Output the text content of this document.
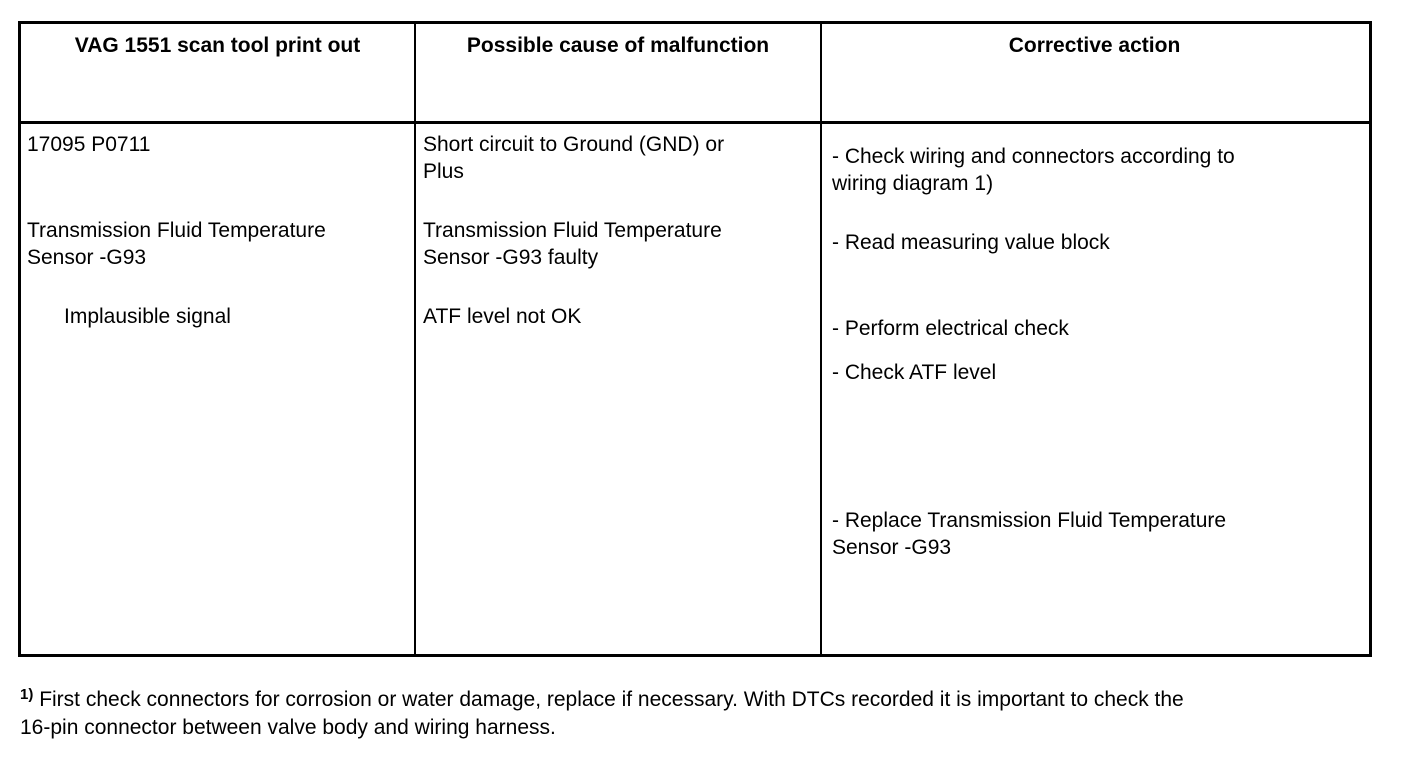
VAG 1551 scan tool print out	Possible cause of malfunction	Corrective action
17095 P0711
Transmission Fluid Temperature
Sensor -G93
Implausible signal
Short circuit to Ground (GND) or
Plus
Transmission Fluid Temperature
Sensor -G93 faulty
ATF level not OK
- Check wiring and connectors according to
wiring diagram 1)
- Read measuring value block
- Perform electrical check
- Check ATF level
- Replace Transmission Fluid Temperature
Sensor -G93
$^{1)}$ First check connectors for corrosion or water damage, replace if necessary. With DTCs recorded it is important to check the
16-pin connector between valve body and wiring harness.
